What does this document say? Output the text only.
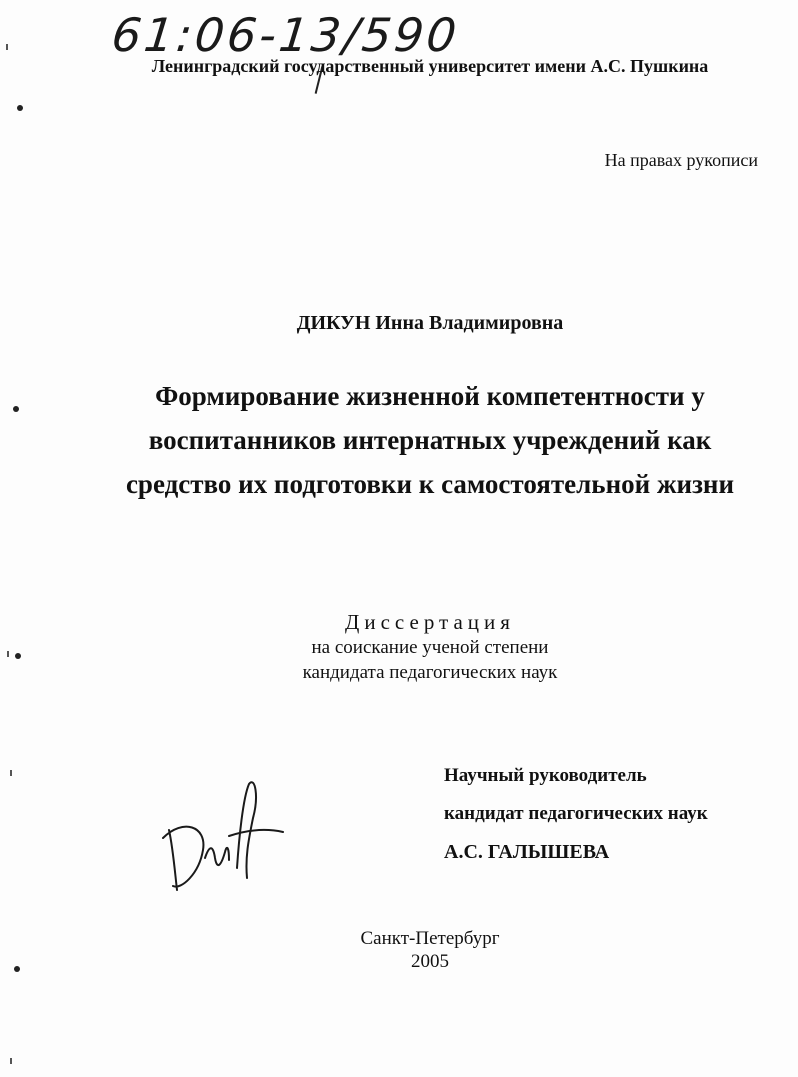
61:06-13/590
Ленинградский государственный университет имени А.С. Пушкина
На правах рукописи
ДИКУН Инна Владимировна
Формирование жизненной компетентности у
воспитанников интернатных учреждений как
средство их подготовки к самостоятельной жизни
Диссертация
на соискание ученой степени
кандидата педагогических наук
Научный руководитель
кандидат педагогических наук
А.С. ГАЛЫШЕВА
Санкт-Петербург
2005
